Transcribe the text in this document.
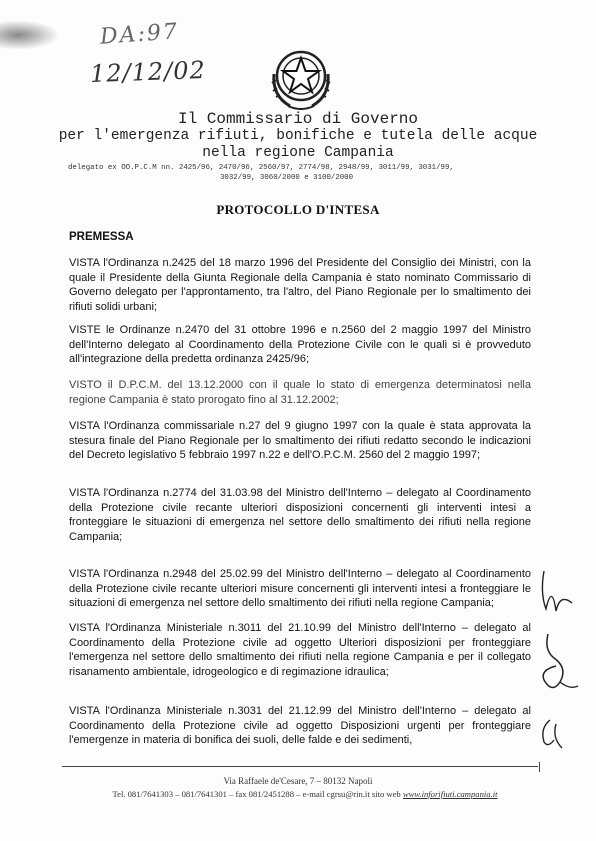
DA:97
12/12/02
Il Commissario di Governo
per l'emergenza rifiuti, bonifiche e tutela delle acque
nella regione Campania
delegato ex OO.P.C.M nn. 2425/96, 2470/96, 2560/97, 2774/98, 2948/99, 3011/99, 3031/99,
3032/99, 3060/2000 e 3100/2000
PROTOCOLLO D'INTESA
PREMESSA
VISTA l'Ordinanza n.2425 del 18 marzo 1996 del Presidente del Consiglio dei Ministri, con la quale il Presidente della Giunta Regionale della Campania è stato nominato Commissario di Governo delegato per l'approntamento, tra l'altro, del Piano Regionale per lo smaltimento dei rifiuti solidi urbani;
VISTE le Ordinanze n.2470 del 31 ottobre 1996 e n.2560 del 2 maggio 1997 del Ministro dell'Interno delegato al Coordinamento della Protezione Civile con le quali si è provveduto all'integrazione della predetta ordinanza 2425/96;
VISTO il D.P.C.M. del 13.12.2000 con il quale lo stato di emergenza determinatosi nella regione Campania è stato prorogato fino al 31.12.2002;
VISTA l'Ordinanza commissariale n.27 del 9 giugno 1997 con la quale è stata approvata la stesura finale del Piano Regionale per lo smaltimento dei rifiuti redatto secondo le indicazioni del Decreto legislativo 5 febbraio 1997 n.22 e dell'O.P.C.M. 2560 del 2 maggio 1997;
VISTA l'Ordinanza n.2774 del 31.03.98 del Ministro dell'Interno – delegato al Coordinamento della Protezione civile recante ulteriori disposizioni concernenti gli interventi intesi a fronteggiare le situazioni di emergenza nel settore dello smaltimento dei rifiuti nella regione Campania;
VISTA l'Ordinanza n.2948 del 25.02.99 del Ministro dell'Interno – delegato al Coordinamento della Protezione civile recante ulteriori misure concernenti gli interventi intesi a fronteggiare le situazioni di emergenza nel settore dello smaltimento dei rifiuti nella regione Campania;
VISTA l'Ordinanza Ministeriale n.3011 del 21.10.99 del Ministro dell'Interno – delegato al Coordinamento della Protezione civile ad oggetto Ulteriori disposizioni per fronteggiare l'emergenza nel settore dello smaltimento dei rifiuti nella regione Campania e per il collegato risanamento ambientale, idrogeologico e di regimazione idraulica;
VISTA l'Ordinanza Ministeriale n.3031 del 21.12.99 del Ministro dell'Interno – delegato al Coordinamento della Protezione civile ad oggetto Disposizioni urgenti per fronteggiare l'emergenze in materia di bonifica dei suoli, delle falde e dei sedimenti,
Via Raffaele de'Cesare, 7 – 80132 Napoli
Tel. 081/7641303 – 081/7641301 – fax 081/2451288 – e-mail cgrsu@rin.it sito web www.inforifiuti.campania.it
